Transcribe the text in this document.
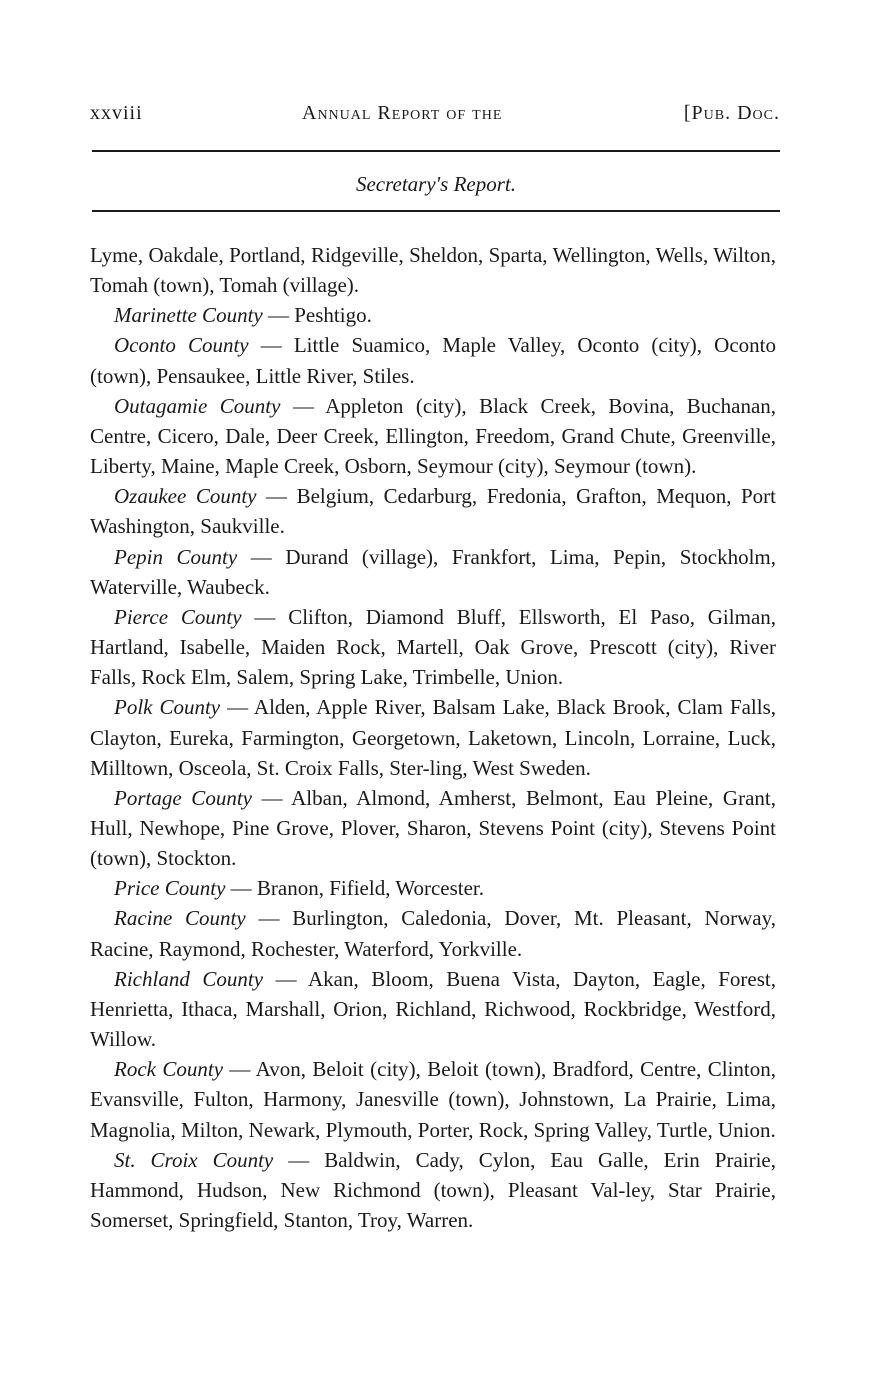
xxviii	Annual Report of the	[Pub. Doc.
Secretary's Report.

Lyme, Oakdale, Portland, Ridgeville, Sheldon, Sparta, Wellington, Wells, Wilton, Tomah (town), Tomah (village).

Marinette County — Peshtigo.

Oconto County — Little Suamico, Maple Valley, Oconto (city), Oconto (town), Pensaukee, Little River, Stiles.

Outagamie County — Appleton (city), Black Creek, Bovina, Buchanan, Centre, Cicero, Dale, Deer Creek, Ellington, Freedom, Grand Chute, Greenville, Liberty, Maine, Maple Creek, Osborn, Seymour (city), Seymour (town).

Ozaukee County — Belgium, Cedarburg, Fredonia, Grafton, Mequon, Port Washington, Saukville.

Pepin County — Durand (village), Frankfort, Lima, Pepin, Stockholm, Waterville, Waubeck.

Pierce County — Clifton, Diamond Bluff, Ellsworth, El Paso, Gilman, Hartland, Isabelle, Maiden Rock, Martell, Oak Grove, Prescott (city), River Falls, Rock Elm, Salem, Spring Lake, Trimbelle, Union.

Polk County — Alden, Apple River, Balsam Lake, Black Brook, Clam Falls, Clayton, Eureka, Farmington, Georgetown, Laketown, Lincoln, Lorraine, Luck, Milltown, Osceola, St. Croix Falls, Ster-ling, West Sweden.

Portage County — Alban, Almond, Amherst, Belmont, Eau Pleine, Grant, Hull, Newhope, Pine Grove, Plover, Sharon, Stevens Point (city), Stevens Point (town), Stockton.

Price County — Branon, Fifield, Worcester.

Racine County — Burlington, Caledonia, Dover, Mt. Pleasant, Norway, Racine, Raymond, Rochester, Waterford, Yorkville.

Richland County — Akan, Bloom, Buena Vista, Dayton, Eagle, Forest, Henrietta, Ithaca, Marshall, Orion, Richland, Richwood, Rockbridge, Westford, Willow.

Rock County — Avon, Beloit (city), Beloit (town), Bradford, Centre, Clinton, Evansville, Fulton, Harmony, Janesville (town), Johnstown, La Prairie, Lima, Magnolia, Milton, Newark, Plymouth, Porter, Rock, Spring Valley, Turtle, Union.

St. Croix County — Baldwin, Cady, Cylon, Eau Galle, Erin Prairie, Hammond, Hudson, New Richmond (town), Pleasant Val-ley, Star Prairie, Somerset, Springfield, Stanton, Troy, Warren.
